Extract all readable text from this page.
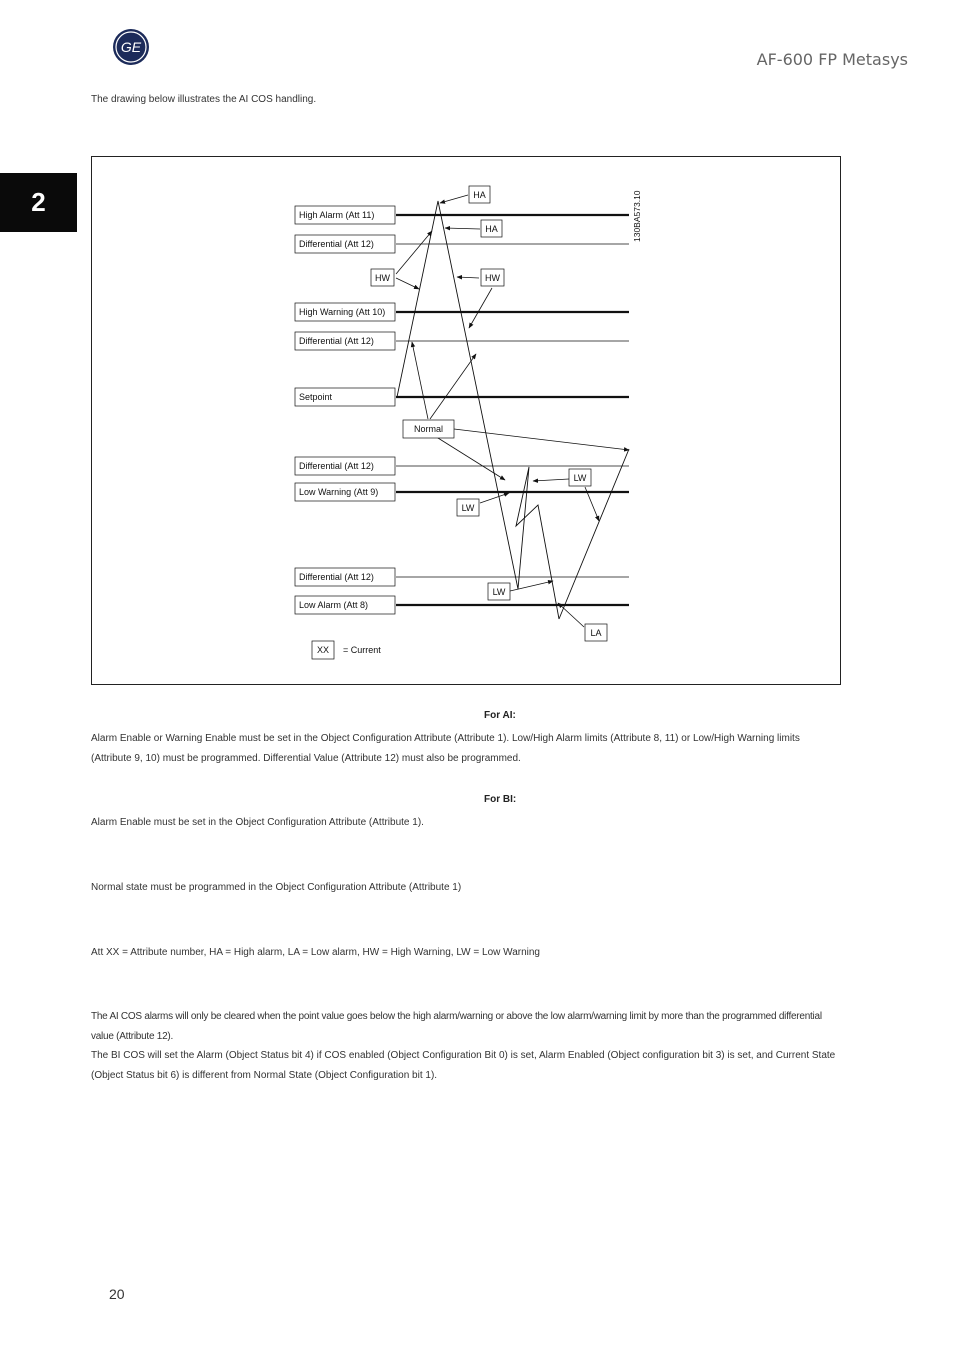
GE
AF-600 FP Metasys
The drawing below illustrates the AI COS handling.
2	130BA573.10
High Alarm (Att 11)
Differential (Att 12)
High Warning (Att 10)
Differential (Att 12)
Setpoint
Differential (Att 12)
Low Warning (Att 9)
Differential (Att 12)
Low Alarm (Att 8)
HA
HA
HW	HW
Normal
LW
LW
LW
LA
XX = Current
For AI:
Alarm Enable or Warning Enable must be set in the Object Configuration Attribute (Attribute 1). Low/High Alarm limits (Attribute 8, 11) or Low/High Warning limits (Attribute 9, 10) must be programmed. Differential Value (Attribute 12) must also be programmed.
For BI:
Alarm Enable must be set in the Object Configuration Attribute (Attribute 1).
Normal state must be programmed in the Object Configuration Attribute (Attribute 1)
Att XX = Attribute number, HA = High alarm, LA = Low alarm, HW = High Warning, LW = Low Warning
The AI COS alarms will only be cleared when the point value goes below the high alarm/warning or above the low alarm/warning limit by more than the programmed differential value (Attribute 12).
The BI COS will set the Alarm (Object Status bit 4) if COS enabled (Object Configuration Bit 0) is set, Alarm Enabled (Object configuration bit 3) is set, and Current State (Object Status bit 6) is different from Normal State (Object Configuration bit 1).
20
